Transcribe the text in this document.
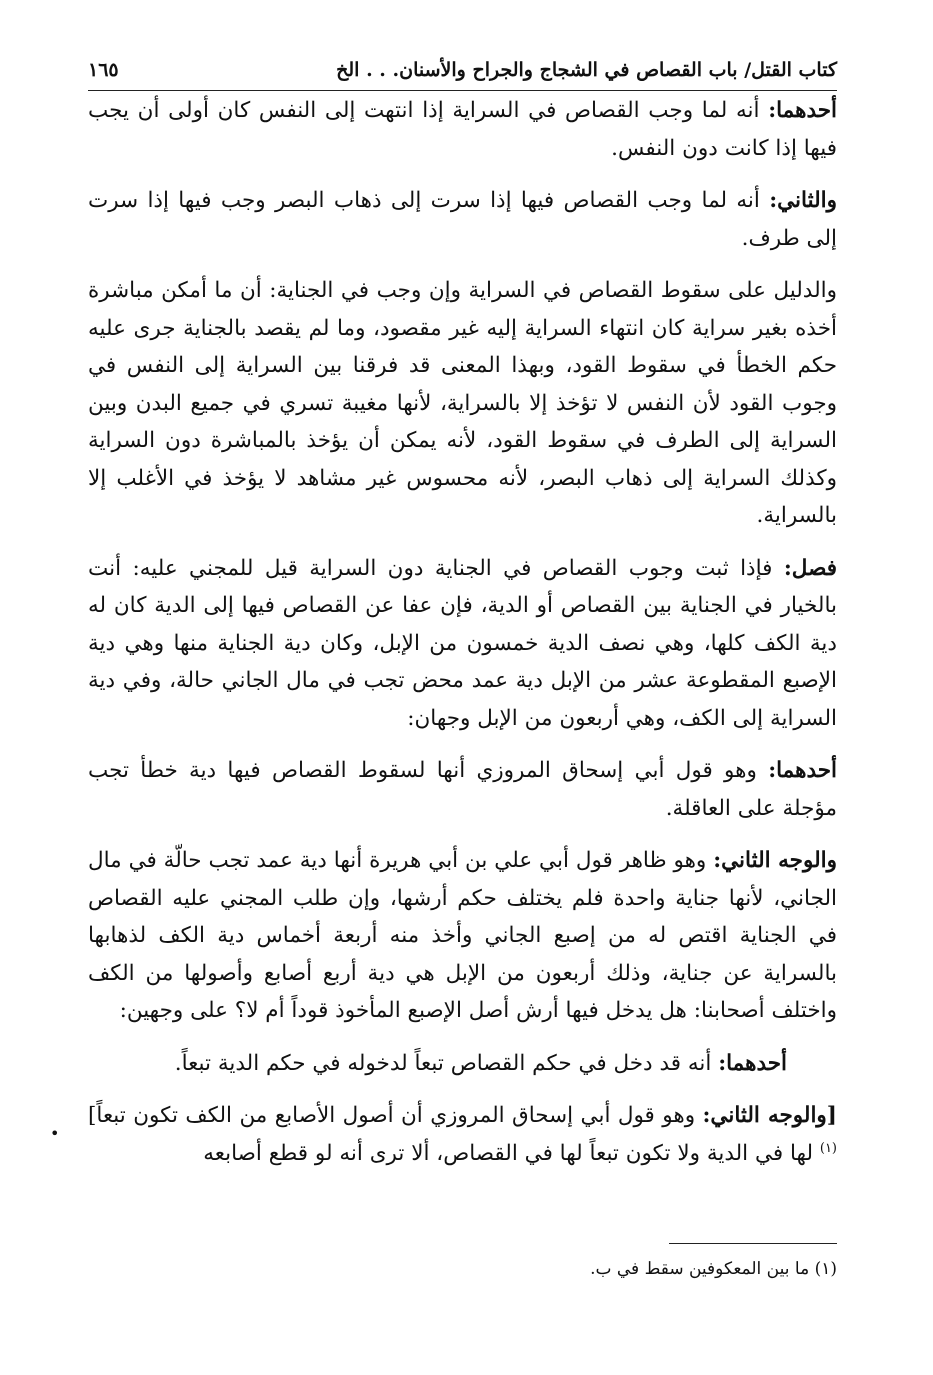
كتاب القتل/ باب القصاص في الشجاج والجراح والأسنان. . . الخ
١٦٥

أحدهما: أنه لما وجب القصاص في السراية إذا انتهت إلى النفس كان أولى أن يجب فيها إذا كانت دون النفس.

والثاني: أنه لما وجب القصاص فيها إذا سرت إلى ذهاب البصر وجب فيها إذا سرت إلى طرف.

والدليل على سقوط القصاص في السراية وإن وجب في الجناية: أن ما أمكن مباشرة أخذه بغير سراية كان انتهاء السراية إليه غير مقصود، وما لم يقصد بالجناية جرى عليه حكم الخطأ في سقوط القود، وبهذا المعنى قد فرقنا بين السراية إلى النفس في وجوب القود لأن النفس لا تؤخذ إلا بالسراية، لأنها مغيبة تسري في جميع البدن وبين السراية إلى الطرف في سقوط القود، لأنه يمكن أن يؤخذ بالمباشرة دون السراية وكذلك السراية إلى ذهاب البصر، لأنه محسوس غير مشاهد لا يؤخذ في الأغلب إلا بالسراية.

فصل: فإذا ثبت وجوب القصاص في الجناية دون السراية قيل للمجني عليه: أنت بالخيار في الجناية بين القصاص أو الدية، فإن عفا عن القصاص فيها إلى الدية كان له دية الكف كلها، وهي نصف الدية خمسون من الإبل، وكان دية الجناية منها وهي دية الإصبع المقطوعة عشر من الإبل دية عمد محض تجب في مال الجاني حالة، وفي دية السراية إلى الكف، وهي أربعون من الإبل وجهان:

أحدهما: وهو قول أبي إسحاق المروزي أنها لسقوط القصاص فيها دية خطأ تجب مؤجلة على العاقلة.

والوجه الثاني: وهو ظاهر قول أبي علي بن أبي هريرة أنها دية عمد تجب حالّة في مال الجاني، لأنها جناية واحدة فلم يختلف حكم أرشها، وإن طلب المجني عليه القصاص في الجناية اقتص له من إصبع الجاني وأخذ منه أربعة أخماس دية الكف لذهابها بالسراية عن جناية، وذلك أربعون من الإبل هي دية أربع أصابع وأصولها من الكف واختلف أصحابنا: هل يدخل فيها أرش أصل الإصبع المأخوذ قوداً أم لا؟ على وجهين:

أحدهما: أنه قد دخل في حكم القصاص تبعاً لدخوله في حكم الدية تبعاً.

[والوجه الثاني: وهو قول أبي إسحاق المروزي أن أصول الأصابع من الكف تكون تبعاً]$^{(١)}$ لها في الدية ولا تكون تبعاً لها في القصاص، ألا ترى أنه لو قطع أصابعه

•
(١) ما بين المعكوفين سقط في ب.
